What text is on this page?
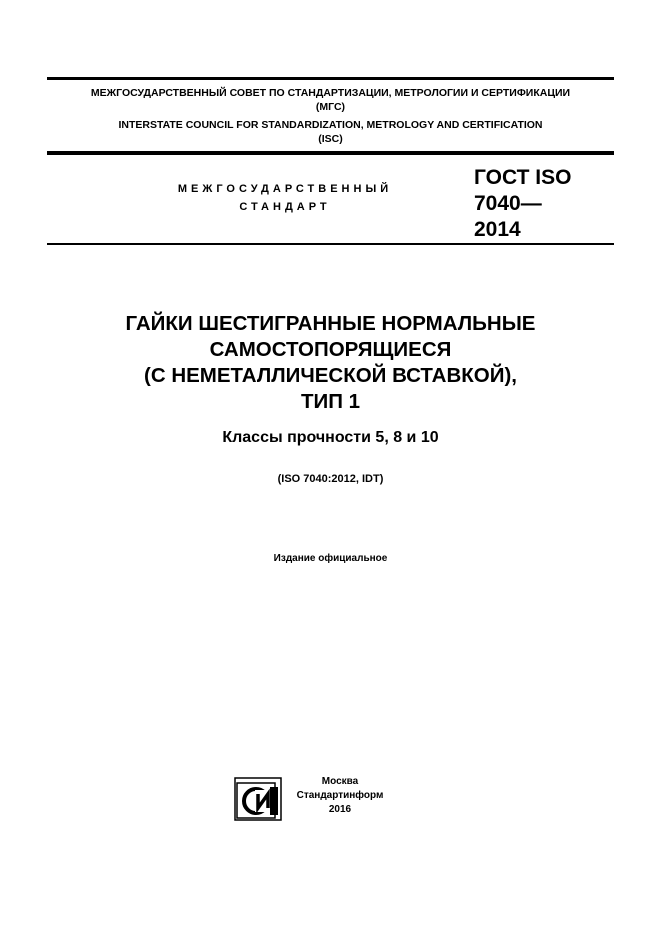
МЕЖГОСУДАРСТВЕННЫЙ СОВЕТ ПО СТАНДАРТИЗАЦИИ, МЕТРОЛОГИИ И СЕРТИФИКАЦИИ
(МГС)
INTERSTATE COUNCIL FOR STANDARDIZATION, METROLOGY AND CERTIFICATION
(ISC)
МЕЖГОСУДАРСТВЕННЫЙ
СТАНДАРТ
ГОСТ ISO
7040—
2014
ГАЙКИ ШЕСТИГРАННЫЕ НОРМАЛЬНЫЕ
САМОСТОПОРЯЩИЕСЯ
(С НЕМЕТАЛЛИЧЕСКОЙ ВСТАВКОЙ),
ТИП 1
Классы прочности 5, 8 и 10
(ISO 7040:2012, IDT)
Издание официальное
Москва
Стандартинформ
2016
